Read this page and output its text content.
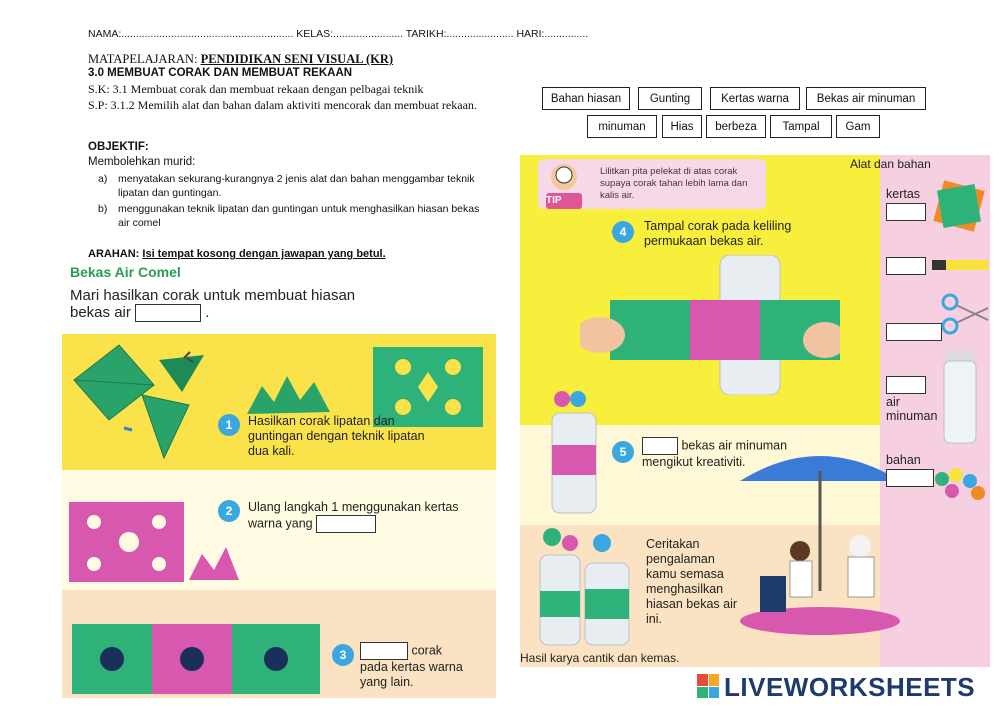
NAMA:........................................................... KELAS:........................ TARIKH:....................... HARI:...............
MATAPELAJARAN: PENDIDIKAN SENI VISUAL (KR)
3.0 MEMBUAT CORAK DAN MEMBUAT REKAAN
S.K: 3.1 Membuat corak dan membuat rekaan dengan pelbagai teknik
S.P: 3.1.2 Memilih alat dan bahan dalam aktiviti mencorak dan membuat rekaan.
OBJEKTIF:
Membolehkan murid:
a)	menyatakan sekurang-kurangnya 2 jenis alat dan bahan menggambar teknik lipatan dan guntingan.
b)	menggunakan teknik lipatan dan guntingan untuk menghasilkan hiasan bekas air comel
ARAHAN: Isi tempat kosong dengan jawapan yang betul.
Bekas Air Comel
Mari hasilkan corak untuk membuat hiasan
bekas air	.
1	Hasilkan corak lipatan dan guntingan dengan teknik lipatan dua kali.
2	Ulang langkah 1 menggunakan kertas warna yang
3	corak
pada kertas warna yang lain.
Bahan hiasan	Gunting	Kertas warna	Bekas air minuman
minuman	Hias	berbeza	Tampal	Gam
TIP
Lilitkan pita pelekat di atas corak supaya corak tahan lebih lama dan kalis air.
4	Tampal corak pada keliling permukaan bekas air.
5	bekas air minuman
mengikut kreativiti.
Ceritakan pengalaman kamu semasa menghasilkan hiasan bekas air ini.
Hasil karya cantik dan kemas.
Alat dan bahan
kertas
air minuman
bahan
LIVEWORKSHEETS
